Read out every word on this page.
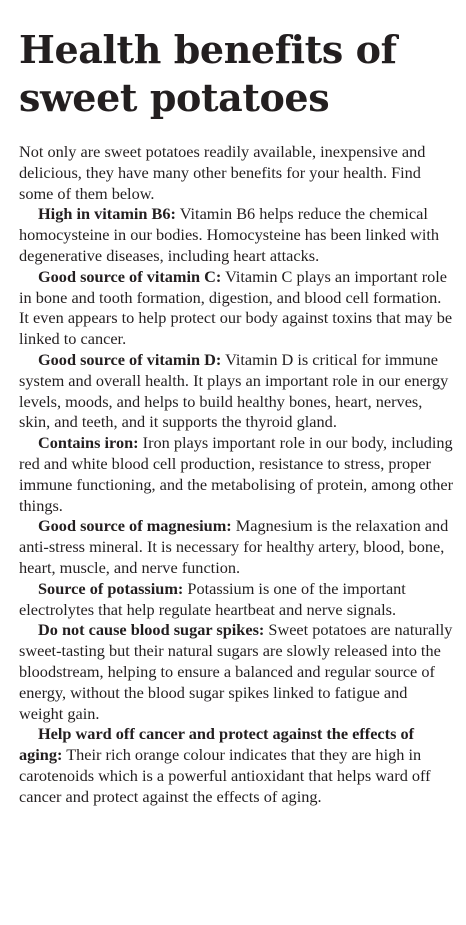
Health benefits of sweet potatoes

Not only are sweet potatoes readily available, inexpensive and delicious, they have many other benefits for your health. Find some of them below.

High in vitamin B6: Vitamin B6 helps reduce the chemical homocysteine in our bodies. Homocysteine has been linked with degenerative diseases, including heart attacks.

Good source of vitamin C: Vitamin C plays an important role in bone and tooth formation, digestion, and blood cell formation. It even appears to help protect our body against toxins that may be linked to cancer.

Good source of vitamin D: Vitamin D is critical for immune system and overall health. It plays an important role in our energy levels, moods, and helps to build healthy bones, heart, nerves, skin, and teeth, and it supports the thyroid gland.

Contains iron: Iron plays important role in our body, including red and white blood cell production, resistance to stress, proper immune functioning, and the metabolising of protein, among other things.

Good source of magnesium: Magnesium is the relaxation and anti-stress mineral. It is necessary for healthy artery, blood, bone, heart, muscle, and nerve function.

Source of potassium: Potassium is one of the important electrolytes that help regulate heartbeat and nerve signals.

Do not cause blood sugar spikes: Sweet potatoes are naturally sweet-tasting but their natural sugars are slowly released into the bloodstream, helping to ensure a balanced and regular source of energy, without the blood sugar spikes linked to fatigue and weight gain.

Help ward off cancer and protect against the effects of aging: Their rich orange colour indicates that they are high in carotenoids which is a powerful antioxidant that helps ward off cancer and protect against the effects of aging.
